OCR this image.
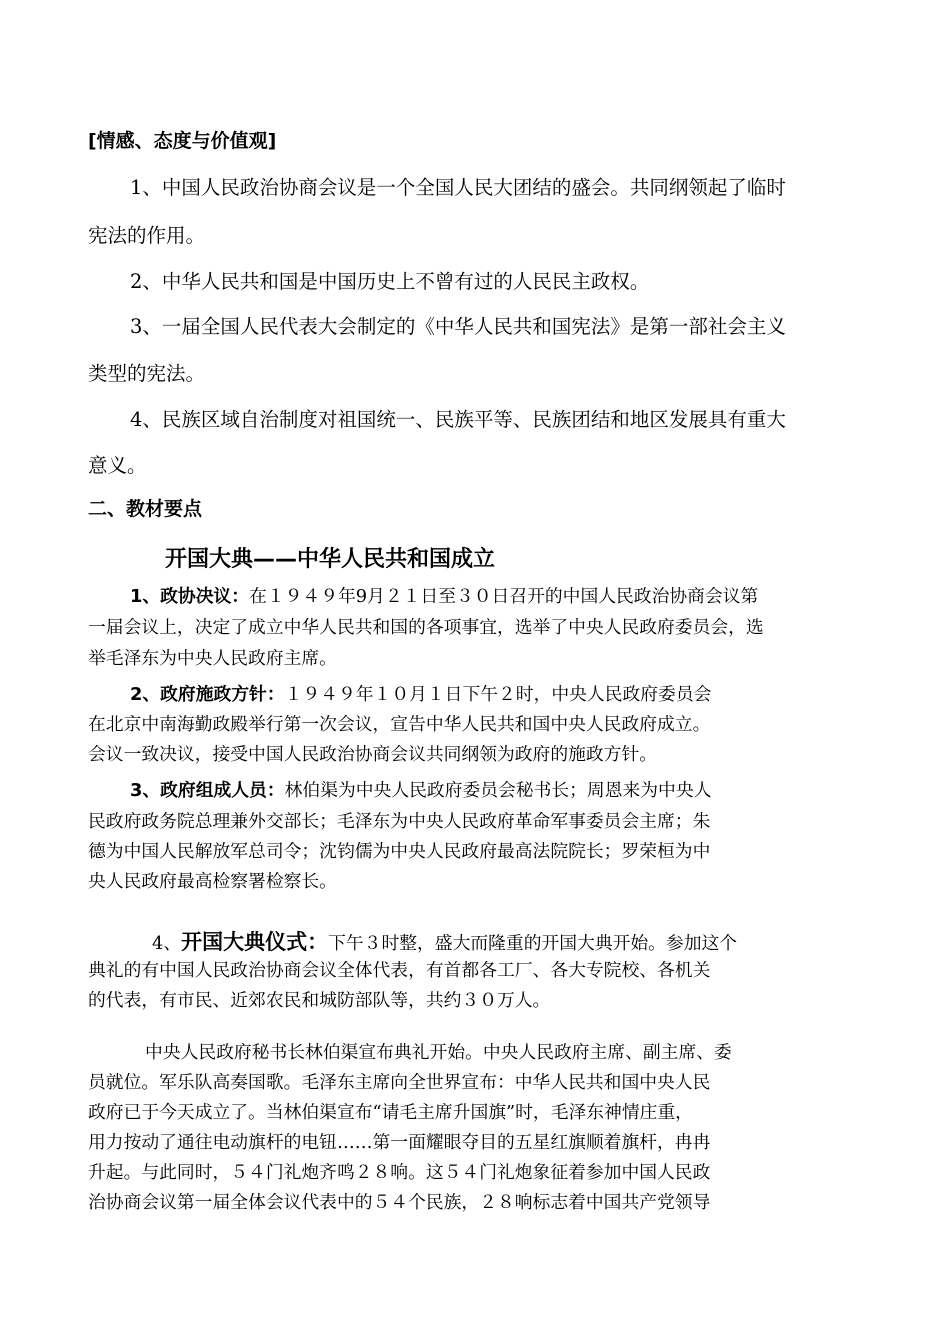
[情感、态度与价值观]
1、中国人民政治协商会议是一个全国人民大团结的盛会。共同纲领起了临时
宪法的作用。
2、中华人民共和国是中国历史上不曾有过的人民民主政权。
3、一届全国人民代表大会制定的《中华人民共和国宪法》是第一部社会主义
类型的宪法。
4、民族区域自治制度对祖国统一、民族平等、民族团结和地区发展具有重大
意义。
二、教材要点
开国大典——中华人民共和国成立
1、政协决议：在１９４９年9月２１日至３０日召开的中国人民政治协商会议第
一届会议上，决定了成立中华人民共和国的各项事宜，选举了中央人民政府委员会，选
举毛泽东为中央人民政府主席。
2、政府施政方针：１９４９年１０月１日下午２时，中央人民政府委员会
在北京中南海勤政殿举行第一次会议，宣告中华人民共和国中央人民政府成立。
会议一致决议，接受中国人民政治协商会议共同纲领为政府的施政方针。
3、政府组成人员：林伯渠为中央人民政府委员会秘书长；周恩来为中央人
民政府政务院总理兼外交部长；毛泽东为中央人民政府革命军事委员会主席；朱
德为中国人民解放军总司令；沈钧儒为中央人民政府最高法院院长；罗荣桓为中
央人民政府最高检察署检察长。
4、开国大典仪式：下午３时整，盛大而隆重的开国大典开始。参加这个
典礼的有中国人民政治协商会议全体代表，有首都各工厂、各大专院校、各机关
的代表，有市民、近郊农民和城防部队等，共约３０万人。
中央人民政府秘书长林伯渠宣布典礼开始。中央人民政府主席、副主席、委
员就位。军乐队高奏国歌。毛泽东主席向全世界宣布：中华人民共和国中央人民
政府已于今天成立了。当林伯渠宣布“请毛主席升国旗”时，毛泽东神情庄重，
用力按动了通往电动旗杆的电钮……第一面耀眼夺目的五星红旗顺着旗杆，冉冉
升起。与此同时，５４门礼炮齐鸣２８响。这５４门礼炮象征着参加中国人民政
治协商会议第一届全体会议代表中的５４个民族，２８响标志着中国共产党领导
